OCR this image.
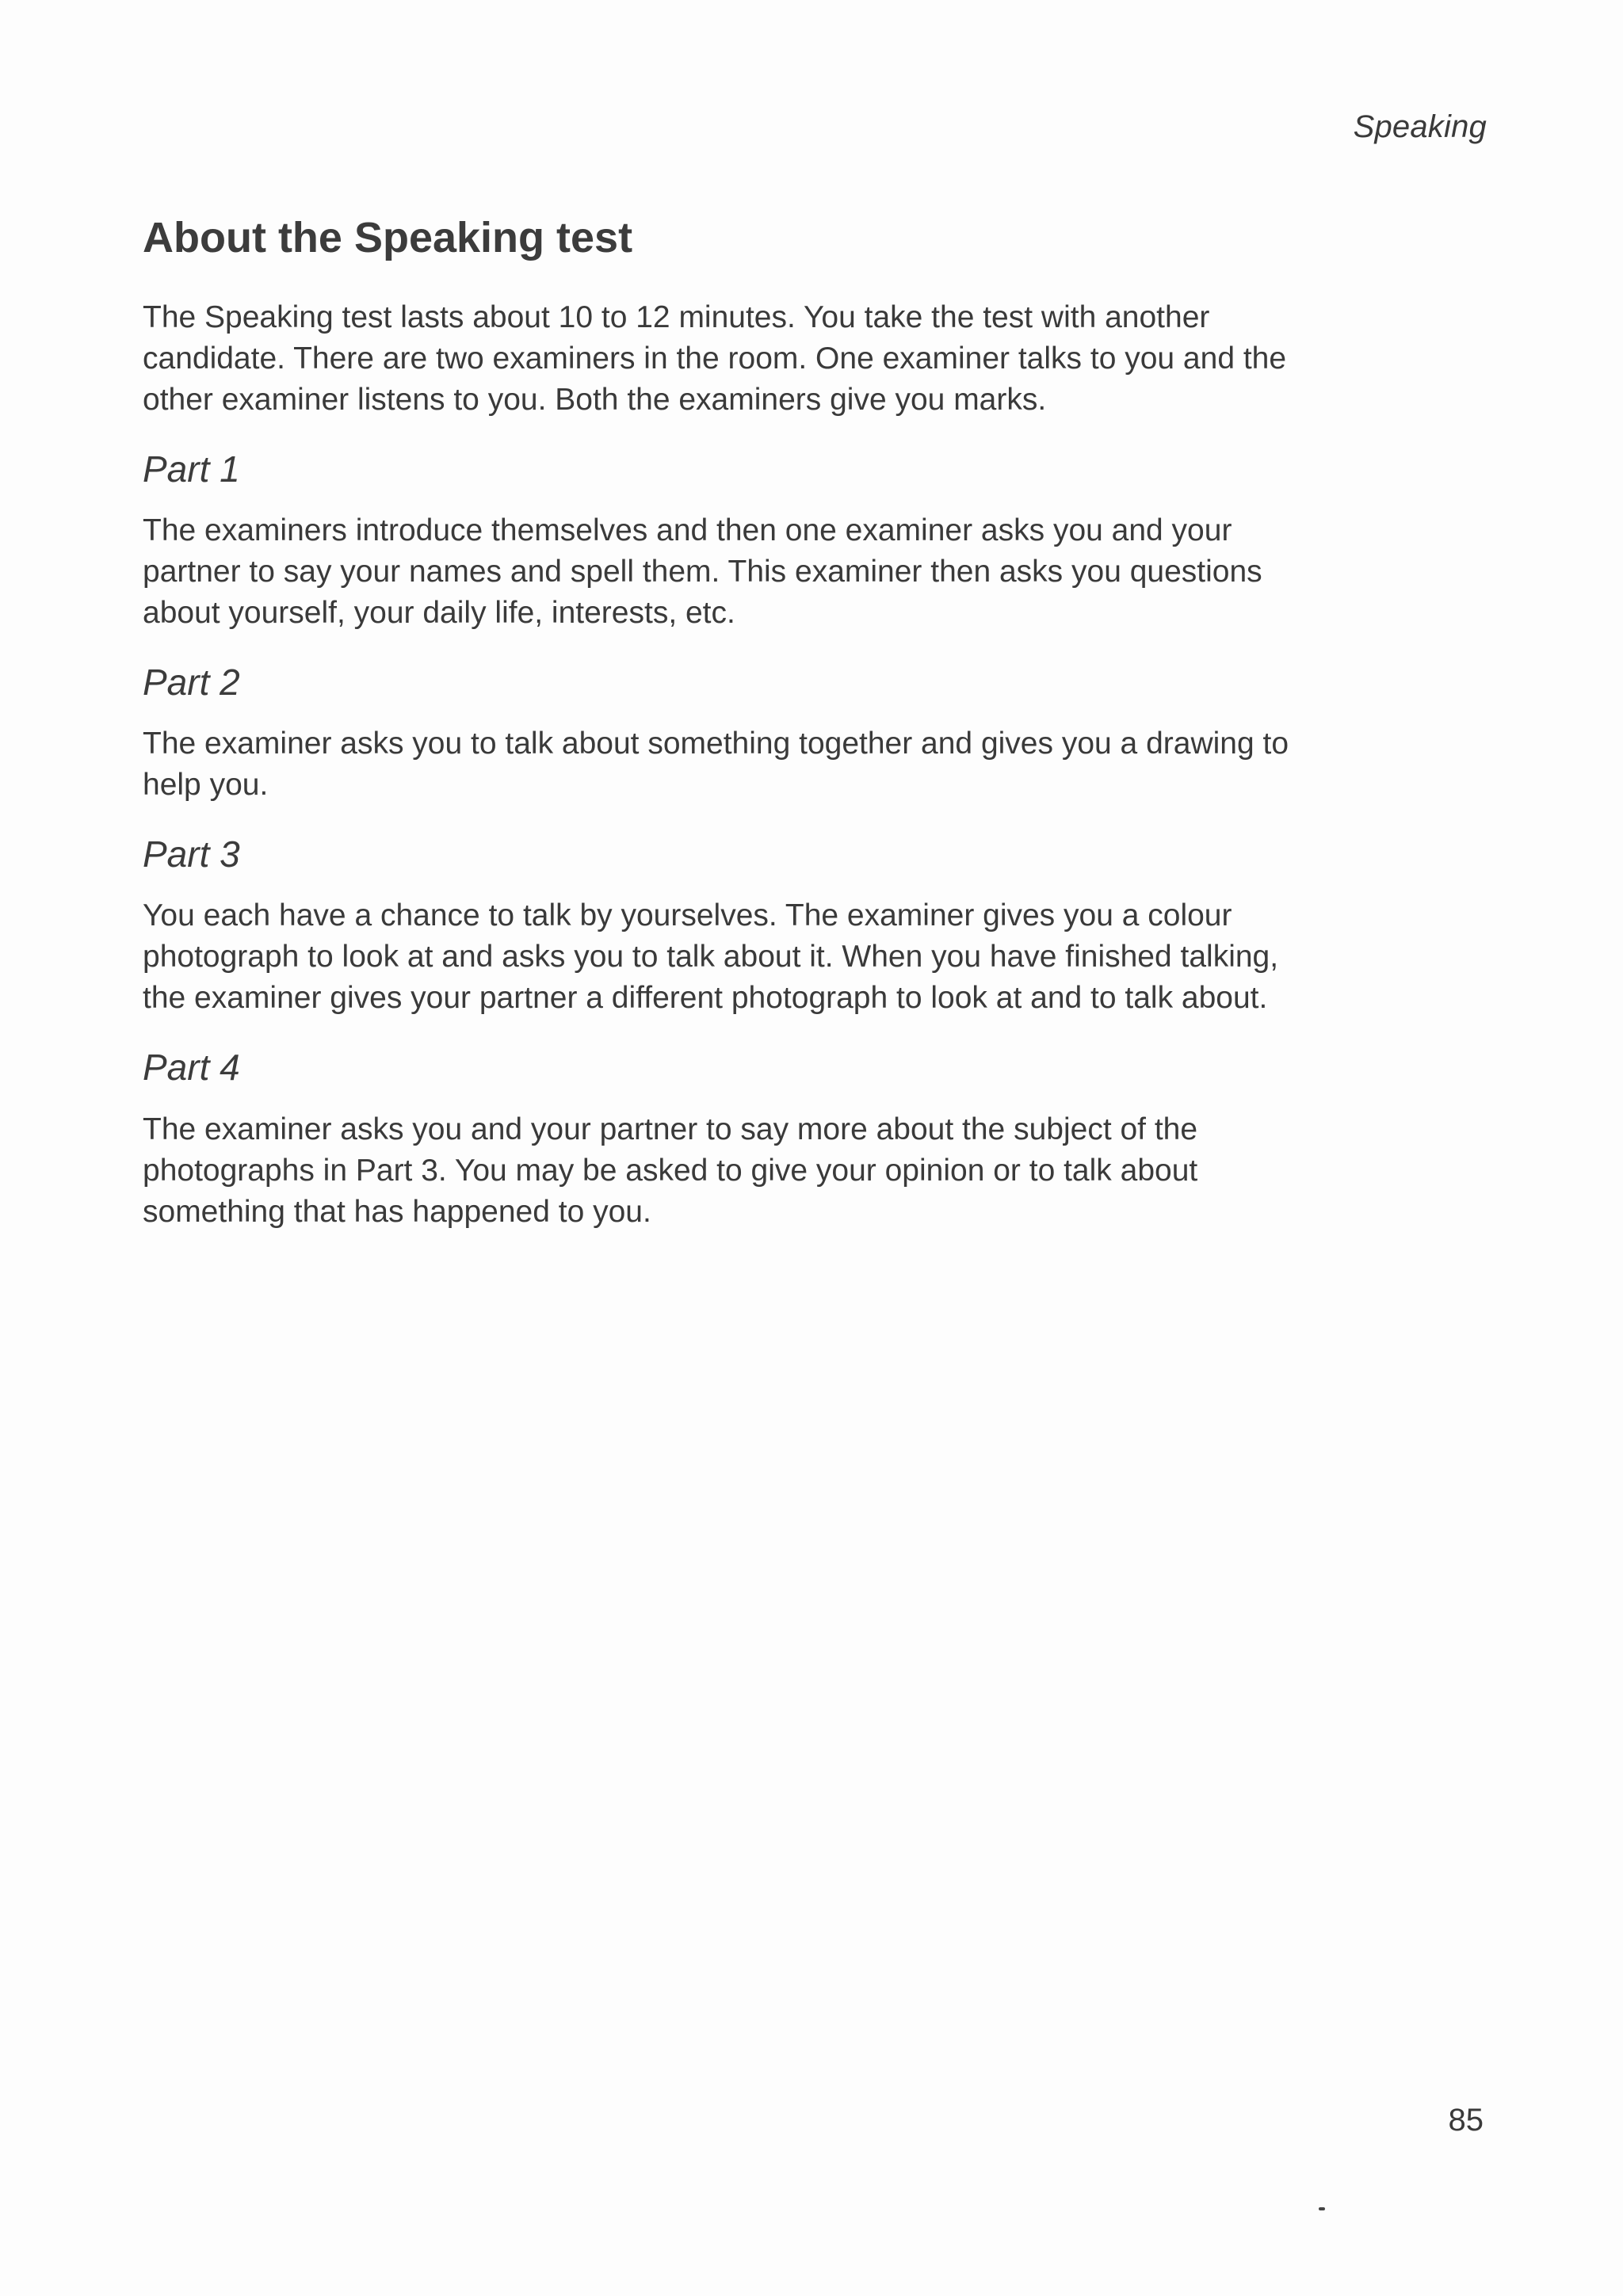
Speaking
About the Speaking test

The Speaking test lasts about 10 to 12 minutes. You take the test with another candidate. There are two examiners in the room. One examiner talks to you and the other examiner listens to you. Both the examiners give you marks.

Part 1

The examiners introduce themselves and then one examiner asks you and your partner to say your names and spell them. This examiner then asks you questions about yourself, your daily life, interests, etc.

Part 2

The examiner asks you to talk about something together and gives you a drawing to help you.

Part 3

You each have a chance to talk by yourselves. The examiner gives you a colour photograph to look at and asks you to talk about it. When you have finished talking, the examiner gives your partner a different photograph to look at and to talk about.

Part 4

The examiner asks you and your partner to say more about the subject of the photographs in Part 3. You may be asked to give your opinion or to talk about something that has happened to you.

85
